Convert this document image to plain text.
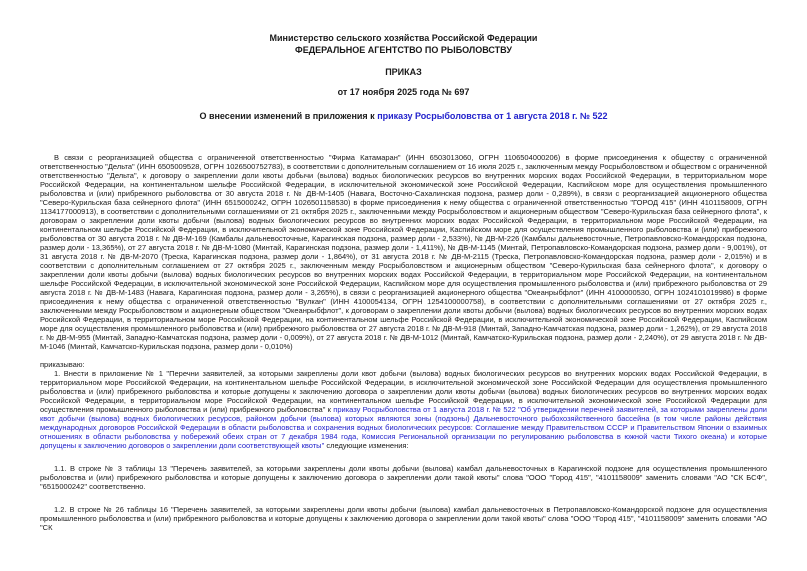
Министерство сельского хозяйства Российской Федерации
ФЕДЕРАЛЬНОЕ АГЕНТСТВО ПО РЫБОЛОВСТВУ
ПРИКАЗ
от 17 ноября 2025 года № 697
О внесении изменений в приложения к приказу Росрыболовства от 1 августа 2018 г. № 522
В связи с реорганизацией общества с ограниченной ответственностью "Фирма Катамаран" (ИНН 6503013060, ОГРН 1106504000206) в форме присоединения к обществу с ограниченной ответственностью "Дельта" (ИНН 6505009528, ОГРН 1026500752783), в соответствии с дополнительным соглашением от 16 июля 2025 г., заключенным между Росрыболовством и обществом с ограниченной ответственностью "Дельта", к договору о закреплении доли квоты добычи (вылова) водных биологических ресурсов во внутренних морских водах Российской Федерации, в территориальном море Российской Федерации, на континентальном шельфе Российской Федерации, в исключительной экономической зоне Российской Федерации, Каспийском море для осуществления промышленного рыболовства и (или) прибрежного рыболовства от 30 августа 2018 г. № ДВ-М-1405 (Навага, Восточно-Сахалинская подзона, размер доли - 0,289%), в связи с реорганизацией акционерного общества "Северо-Курильская база сейнерного флота" (ИНН 6515000242, ОГРН 1026501158530) в форме присоединения к нему общества с ограниченной ответственностью "ГОРОД 415" (ИНН 4101158009, ОГРН 1134177000913), в соответствии с дополнительными соглашениями от 21 октября 2025 г., заключенными между Росрыболовством и акционерным обществом "Северо-Курильская база сейнерного флота", к договорам о закреплении доли квоты добычи (вылова) водных биологических ресурсов во внутренних морских водах Российской Федерации, в территориальном море Российской Федерации, на континентальном шельфе Российской Федерации, в исключительной экономической зоне Российской Федерации, Каспийском море для осуществления промышленного рыболовства и (или) прибрежного рыболовства от 30 августа 2018 г. № ДВ-М-169 (Камбалы дальневосточные, Карагинская подзона, размер доли - 2,533%), № ДВ-М-226 (Камбалы дальневосточные, Петропавловско-Командорская подзона, размер доли - 13,365%), от 27 августа 2018 г. № ДВ-М-1080 (Минтай, Карагинская подзона, размер доли - 1,411%), № ДВ-М-1145 (Минтай, Петропавловско-Командорская подзона, размер доли - 9,001%), от 31 августа 2018 г. № ДВ-М-2070 (Треска, Карагинская подзона, размер доли - 1,864%), от 31 августа 2018 г. № ДВ-М-2115 (Треска, Петропавловско-Командорская подзона, размер доли - 2,015%) и в соответствии с дополнительным соглашением от 27 октября 2025 г., заключенным между Росрыболовством и акционерным обществом "Северо-Курильская база сейнерного флота", к договору о закреплении доли квоты добычи (вылова) водных биологических ресурсов во внутренних морских водах Российской Федерации, в территориальном море Российской Федерации, на континентальном шельфе Российской Федерации, в исключительной экономической зоне Российской Федерации, Каспийском море для осуществления промышленного рыболовства и (или) прибрежного рыболовства от 29 августа 2018 г. № ДВ-М-1483 (Навага, Карагинская подзона, размер доли - 3,265%), в связи с реорганизацией акционерного общества "Океанрыбфлот" (ИНН 4100000530, ОГРН 1024101019986) в форме присоединения к нему общества с ограниченной ответственностью "Вулкан" (ИНН 4100054134, ОГРН 1254100000758), в соответствии с дополнительными соглашениями от 27 октября 2025 г., заключенными между Росрыболовством и акционерным обществом "Океанрыбфлот", к договорам о закреплении доли квоты добычи (вылова) водных биологических ресурсов во внутренних морских водах Российской Федерации, в территориальном море Российской Федерации, на континентальном шельфе Российской Федерации, в исключительной экономической зоне Российской Федерации, Каспийском море для осуществления промышленного рыболовства и (или) прибрежного рыболовства от 27 августа 2018 г. № ДВ-М-918 (Минтай, Западно-Камчатская подзона, размер доли - 1,262%), от 29 августа 2018 г. № ДВ-М-955 (Минтай, Западно-Камчатская подзона, размер доли - 0,009%), от 27 августа 2018 г. № ДВ-М-1012 (Минтай, Камчатско-Курильская подзона, размер доли - 2,240%), от 29 августа 2018 г. № ДВ-М-1046 (Минтай, Камчатско-Курильская подзона, размер доли - 0,010%)
приказываю:
1. Внести в приложение № 1 "Перечни заявителей, за которыми закреплены доли квот добычи (вылова) водных биологических ресурсов во внутренних морских водах Российской Федерации, в территориальном море Российской Федерации, на континентальном шельфе Российской Федерации, в исключительной экономической зоне Российской Федерации для осуществления промышленного рыболовства и (или) прибрежного рыболовства и которые допущены к заключению договора о закреплении доли квоты добычи (вылова) водных биологических ресурсов во внутренних морских водах Российской Федерации, в территориальном море Российской Федерации, на континентальном шельфе Российской Федерации, в исключительной экономической зоне Российской Федерации для осуществления промышленного рыболовства и (или) прибрежного рыболовства" к приказу Росрыболовства от 1 августа 2018 г. № 522 "Об утверждении перечней заявителей, за которыми закреплены доли квот добычи (вылова) водных биологических ресурсов, районом добычи (вылова) которых являются зоны (подзоны) Дальневосточного рыбохозяйственного бассейна (в том числе районы действия международных договоров Российской Федерации в области рыболовства и сохранения водных биологических ресурсов: Соглашение между Правительством СССР и Правительством Японии о взаимных отношениях в области рыболовства у побережий обеих стран от 7 декабря 1984 года, Комиссия Региональной организации по регулированию рыболовства в южной части Тихого океана) и которые допущены к заключению договоров о закреплении доли соответствующей квоты" следующие изменения:
1.1. В строке № 3 таблицы 13 "Перечень заявителей, за которыми закреплены доли квоты добычи (вылова) камбал дальневосточных в Карагинской подзоне для осуществления промышленного рыболовства и (или) прибрежного рыболовства и которые допущены к заключению договора о закреплении доли такой квоты" слова "ООО "Город 415", "4101158009" заменить словами "АО "СК БСФ", "6515000242" соответственно.
1.2. В строке № 26 таблицы 16 "Перечень заявителей, за которыми закреплены доли квоты добычи (вылова) камбал дальневосточных в Петропавловско-Командорской подзоне для осуществления промышленного рыболовства и (или) прибрежного рыболовства и которые допущены к заключению договора о закреплении доли такой квоты" слова "ООО "Город 415", "4101158009" заменить словами "АО "СК
